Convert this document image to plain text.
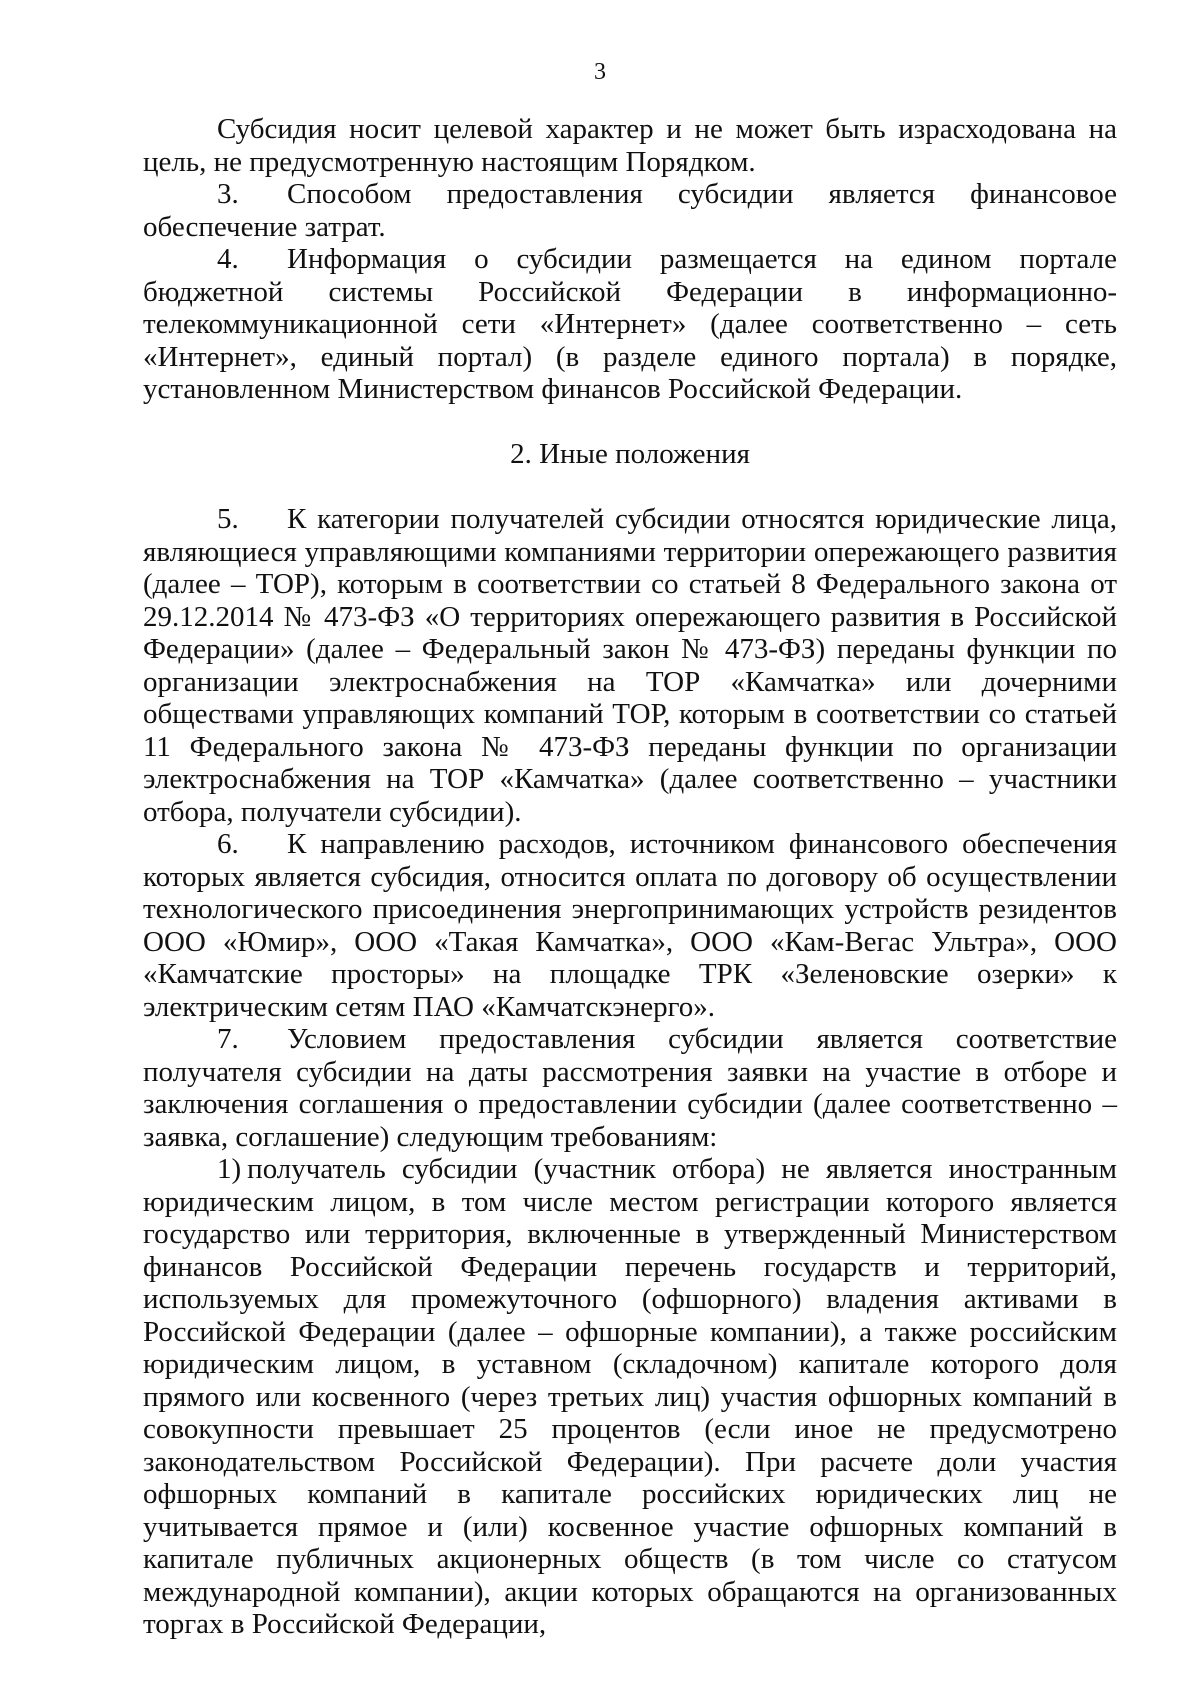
3

Субсидия носит целевой характер и не может быть израсходована на цель, не предусмотренную настоящим Порядком.

3. Способом предоставления субсидии является финансовое обеспечение затрат.

4. Информация о субсидии размещается на едином портале бюджетной системы Российской Федерации в информационно-телекоммуникационной сети «Интернет» (далее соответственно – сеть «Интернет», единый портал) (в разделе единого портала) в порядке, установленном Министерством финансов Российской Федерации.

2. Иные положения

5. К категории получателей субсидии относятся юридические лица, являющиеся управляющими компаниями территории опережающего развития (далее – ТОР), которым в соответствии со статьей 8 Федерального закона от 29.12.2014 № 473-ФЗ «О территориях опережающего развития в Российской Федерации» (далее – Федеральный закон № 473-ФЗ) переданы функции по организации электроснабжения на ТОР «Камчатка» или дочерними обществами управляющих компаний ТОР, которым в соответствии со статьей 11 Федерального закона № 473-ФЗ переданы функции по организации электроснабжения на ТОР «Камчатка» (далее соответственно – участники отбора, получатели субсидии).

6. К направлению расходов, источником финансового обеспечения которых является субсидия, относится оплата по договору об осуществлении технологического присоединения энергопринимающих устройств резидентов ООО «Юмир», ООО «Такая Камчатка», ООО «Кам-Вегас Ультра», ООО «Камчатские просторы» на площадке ТРК «Зеленовские озерки» к электрическим сетям ПАО «Камчатскэнерго».

7. Условием предоставления субсидии является соответствие получателя субсидии на даты рассмотрения заявки на участие в отборе и заключения соглашения о предоставлении субсидии (далее соответственно – заявка, соглашение) следующим требованиям:

1) получатель субсидии (участник отбора) не является иностранным юридическим лицом, в том числе местом регистрации которого является государство или территория, включенные в утвержденный Министерством финансов Российской Федерации перечень государств и территорий, используемых для промежуточного (офшорного) владения активами в Российской Федерации (далее – офшорные компании), а также российским юридическим лицом, в уставном (складочном) капитале которого доля прямого или косвенного (через третьих лиц) участия офшорных компаний в совокупности превышает 25 процентов (если иное не предусмотрено законодательством Российской Федерации). При расчете доли участия офшорных компаний в капитале российских юридических лиц не учитывается прямое и (или) косвенное участие офшорных компаний в капитале публичных акционерных обществ (в том числе со статусом международной компании), акции которых обращаются на организованных торгах в Российской Федерации,
